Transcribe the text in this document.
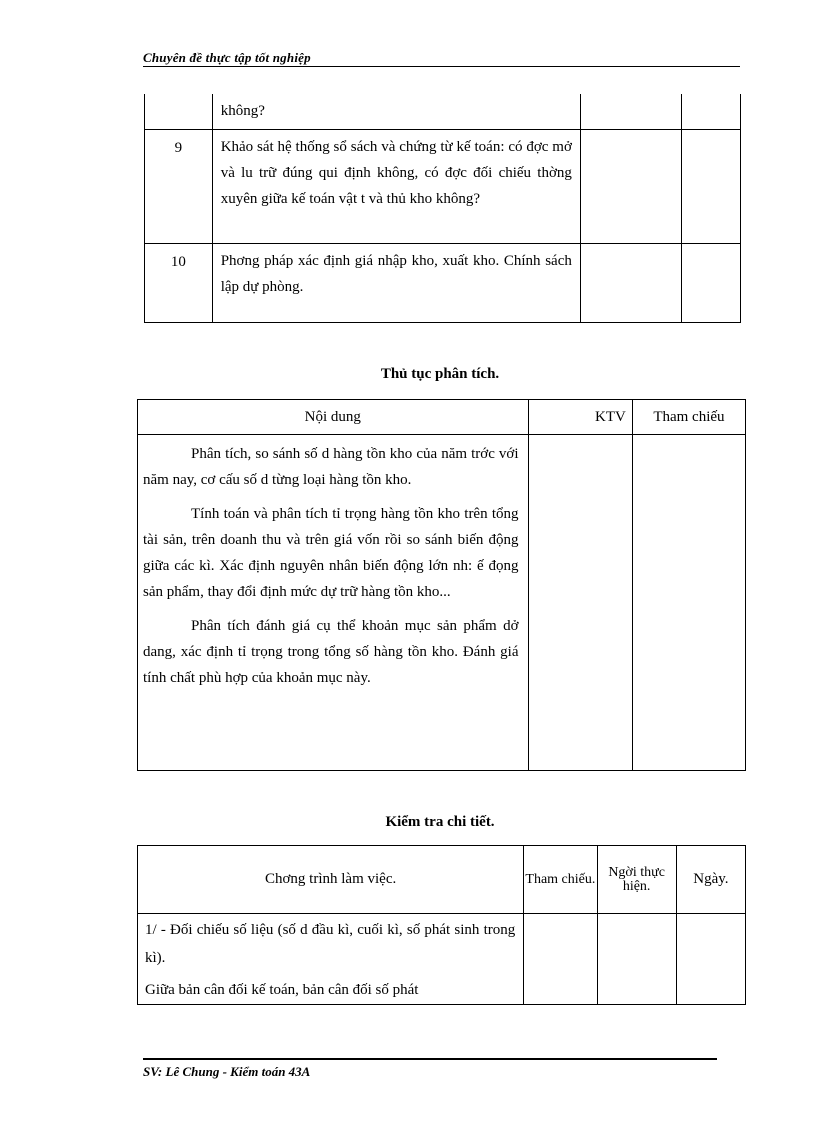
Chuyên đề thực tập tốt nghiệp

	không?		

9	Khảo sát hệ thống sổ sách và chứng từ kế toán: có đợc mở và lu trữ đúng qui định không, có đợc đối chiếu thờng xuyên giữa kế toán vật t và thủ kho không?		

10	Phơng pháp xác định giá nhập kho, xuất kho. Chính sách lập dự phòng.		

Thủ tục phân tích.
Nội dung	KTV	Tham chiếu

Phân tích, so sánh số d hàng tồn kho của năm trớc với năm nay, cơ cấu số d từng loại hàng tồn kho.
Tính toán và phân tích tỉ trọng hàng tồn kho trên tổng tài sản, trên doanh thu và trên giá vốn rồi so sánh biến động giữa các kì. Xác định nguyên nhân biến động lớn nh: ế đọng sản phẩm, thay đổi định mức dự trữ hàng tồn kho...
Phân tích đánh giá cụ thể khoản mục sản phẩm dở dang, xác định tỉ trọng trong tổng số hàng tồn kho. Đánh giá tính chất phù hợp của khoản mục này.		

Kiểm tra chi tiết.
Chơng trình làm việc.	Tham chiếu.	Ngời thực hiện.	Ngày.

1/ - Đối chiếu số liệu (số d đầu kì, cuối kì, số phát sinh trong kì).
Giữa bản cân đối kế toán, bản cân đối số phát			

SV: Lê Chung - Kiểm toán 43A
